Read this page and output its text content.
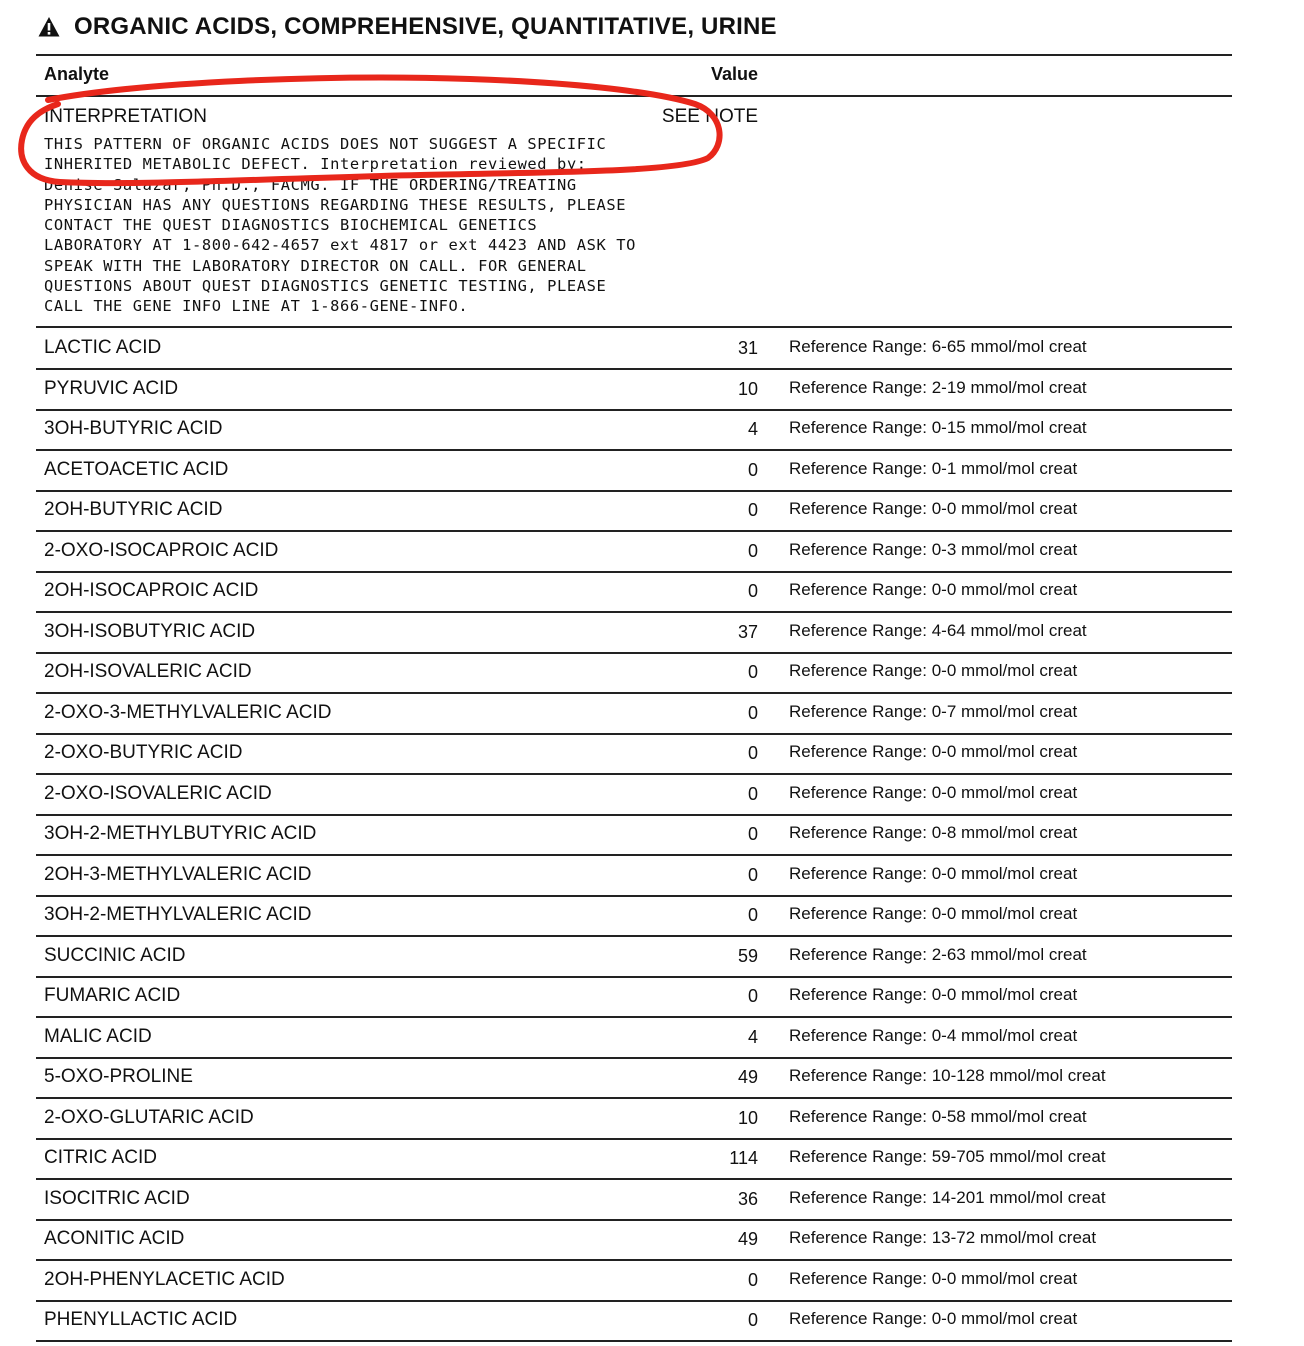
ORGANIC ACIDS, COMPREHENSIVE, QUANTITATIVE, URINE
Analyte	Value
INTERPRETATION	SEE NOTE
THIS PATTERN OF ORGANIC ACIDS DOES NOT SUGGEST A SPECIFIC
INHERITED METABOLIC DEFECT. Interpretation reviewed by:
Denise Salazar, Ph.D., FACMG. IF THE ORDERING/TREATING
PHYSICIAN HAS ANY QUESTIONS REGARDING THESE RESULTS, PLEASE
CONTACT THE QUEST DIAGNOSTICS BIOCHEMICAL GENETICS
LABORATORY AT 1-800-642-4657 ext 4817 or ext 4423 AND ASK TO
SPEAK WITH THE LABORATORY DIRECTOR ON CALL. FOR GENERAL
QUESTIONS ABOUT QUEST DIAGNOSTICS GENETIC TESTING, PLEASE
CALL THE GENE INFO LINE AT 1-866-GENE-INFO.
LACTIC ACID	31 Reference Range: 6-65 mmol/mol creat
PYRUVIC ACID	10 Reference Range: 2-19 mmol/mol creat
3OH-BUTYRIC ACID	4 Reference Range: 0-15 mmol/mol creat
ACETOACETIC ACID	0 Reference Range: 0-1 mmol/mol creat
2OH-BUTYRIC ACID	0 Reference Range: 0-0 mmol/mol creat
2-OXO-ISOCAPROIC ACID	0 Reference Range: 0-3 mmol/mol creat
2OH-ISOCAPROIC ACID	0 Reference Range: 0-0 mmol/mol creat
3OH-ISOBUTYRIC ACID	37 Reference Range: 4-64 mmol/mol creat
2OH-ISOVALERIC ACID	0 Reference Range: 0-0 mmol/mol creat
2-OXO-3-METHYLVALERIC ACID	0 Reference Range: 0-7 mmol/mol creat
2-OXO-BUTYRIC ACID	0 Reference Range: 0-0 mmol/mol creat
2-OXO-ISOVALERIC ACID	0 Reference Range: 0-0 mmol/mol creat
3OH-2-METHYLBUTYRIC ACID	0 Reference Range: 0-8 mmol/mol creat
2OH-3-METHYLVALERIC ACID	0 Reference Range: 0-0 mmol/mol creat
3OH-2-METHYLVALERIC ACID	0 Reference Range: 0-0 mmol/mol creat
SUCCINIC ACID	59 Reference Range: 2-63 mmol/mol creat
FUMARIC ACID	0 Reference Range: 0-0 mmol/mol creat
MALIC ACID	4 Reference Range: 0-4 mmol/mol creat
5-OXO-PROLINE	49 Reference Range: 10-128 mmol/mol creat
2-OXO-GLUTARIC ACID	10 Reference Range: 0-58 mmol/mol creat
CITRIC ACID	114 Reference Range: 59-705 mmol/mol creat
ISOCITRIC ACID	36 Reference Range: 14-201 mmol/mol creat
ACONITIC ACID	49 Reference Range: 13-72 mmol/mol creat
2OH-PHENYLACETIC ACID	0 Reference Range: 0-0 mmol/mol creat
PHENYLLACTIC ACID	0 Reference Range: 0-0 mmol/mol creat
